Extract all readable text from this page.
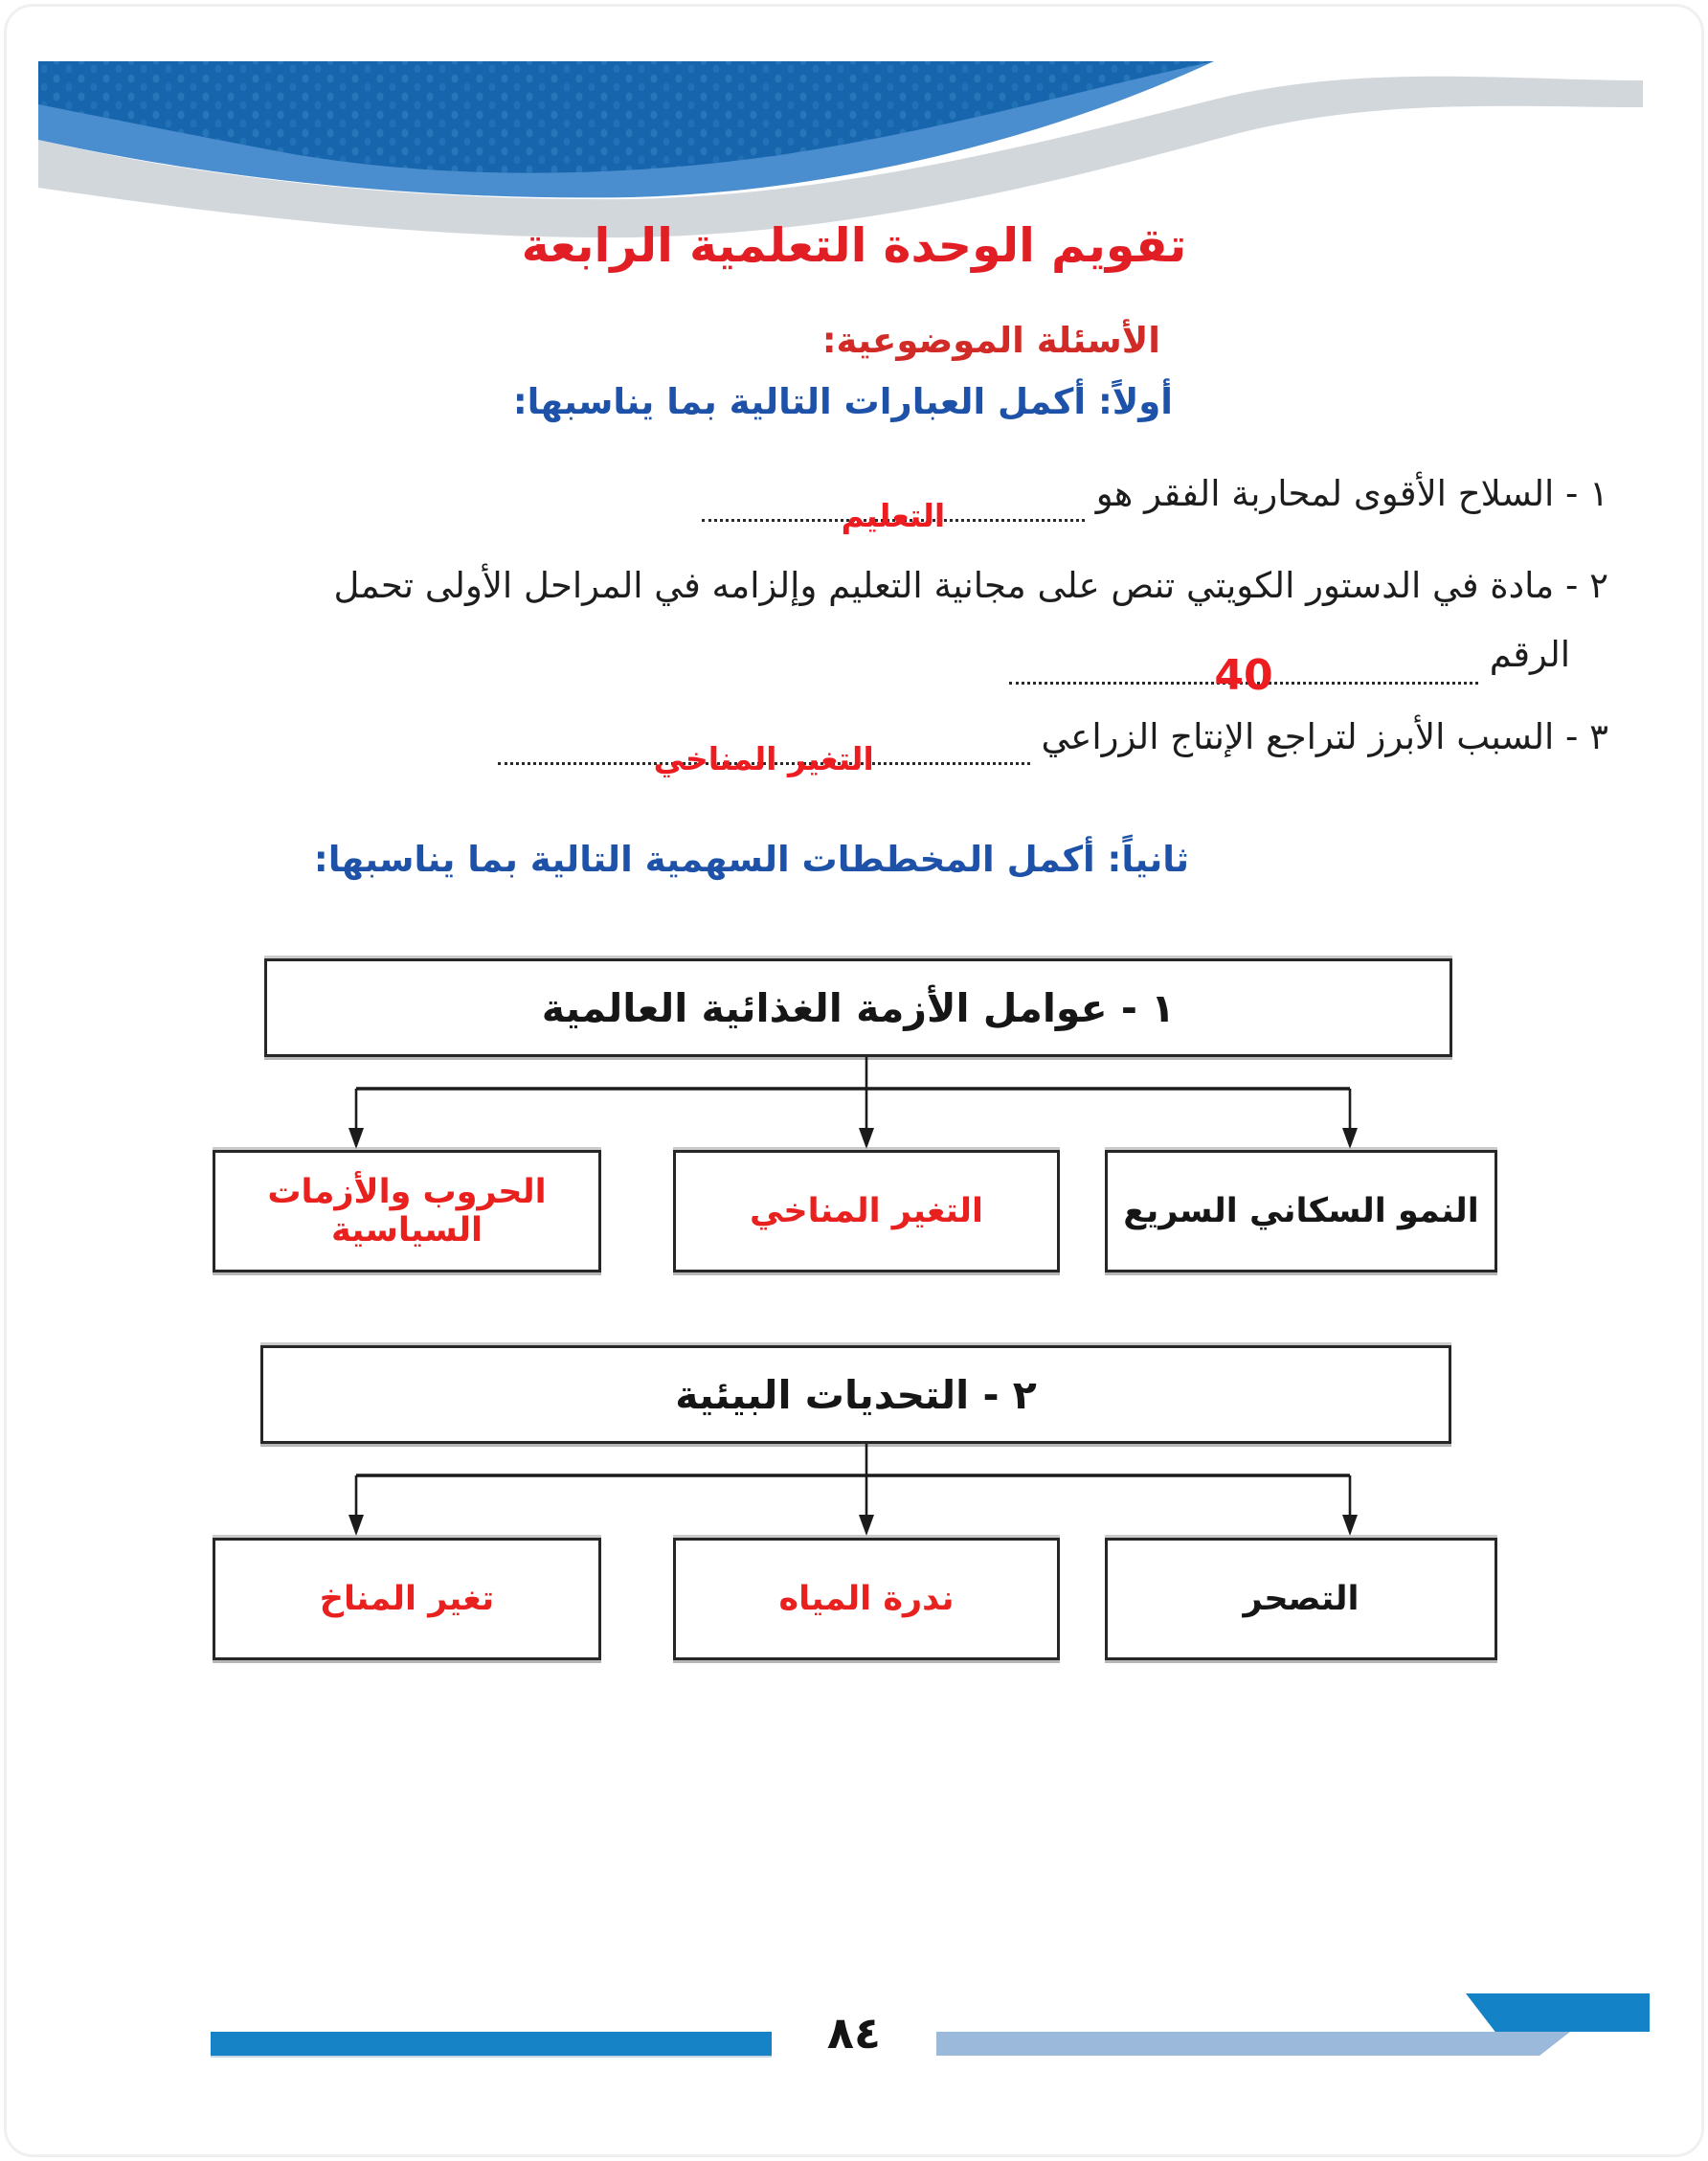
تقويم الوحدة التعلمية الرابعة
الأسئلة الموضوعية:
أولاً: أكمل العبارات التالية بما يناسبها:
١ - السلاح الأقوى لمحاربة الفقر هو التعليم
٢ - مادة في الدستور الكويتي تنص على مجانية التعليم وإلزامه في المراحل الأولى تحمل
الرقم 40
٣ - السبب الأبرز لتراجع الإنتاج الزراعي التغير المناخي
ثانياً: أكمل المخططات السهمية التالية بما يناسبها:
١ - عوامل الأزمة الغذائية العالمية
النمو السكاني السريع
التغير المناخي
الحروب والأزمات السياسية
٢ - التحديات البيئية
التصحر
ندرة المياه
تغير المناخ
٨٤
